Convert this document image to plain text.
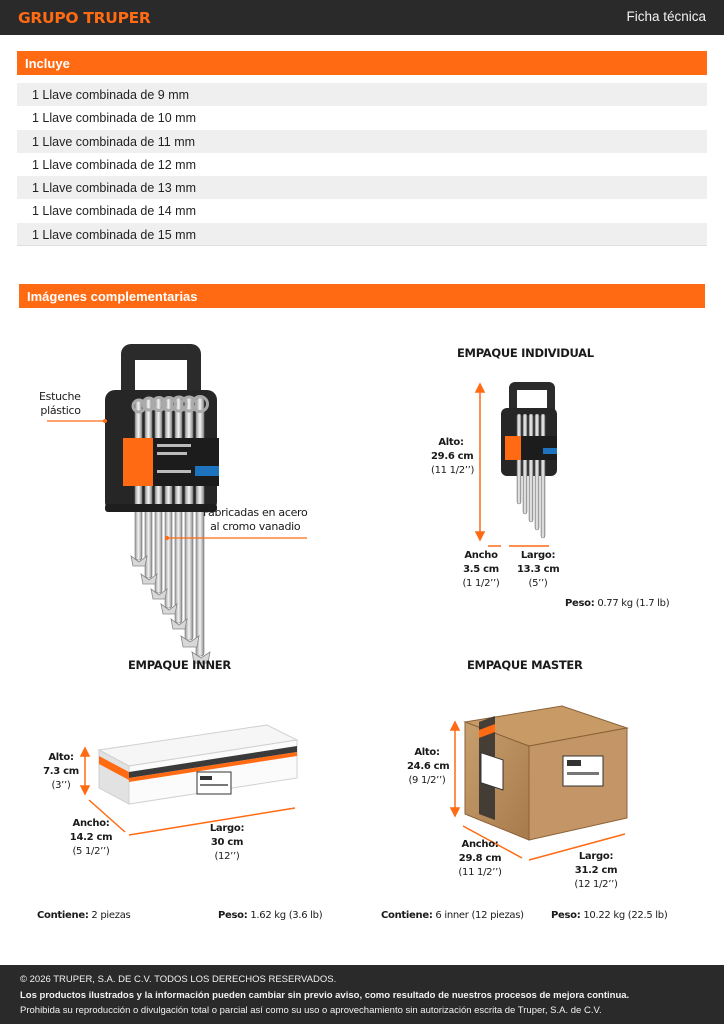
GRUPO TRUPER	Ficha técnica
Incluye
1 Llave combinada de 9 mm
1 Llave combinada de 10 mm
1 Llave combinada de 11 mm
1 Llave combinada de 12 mm
1 Llave combinada de 13 mm
1 Llave combinada de 14 mm
1 Llave combinada de 15 mm
Imágenes complementarias
Estuche
plástico
Fabricadas en acero
al cromo vanadio
EMPAQUE INDIVIDUAL
Alto:
29.6 cm
(11 1/2’’)
Ancho
3.5 cm
(1 1/2’’)
Largo:
13.3 cm
(5’’)
Peso: 0.77 kg (1.7 lb)
EMPAQUE INNER
Alto:
7.3 cm
(3’’)
Ancho:
14.2 cm
(5 1/2’’)
Largo:
30 cm
(12’’)
Contiene: 2 piezas	Peso: 1.62 kg (3.6 lb)
EMPAQUE MASTER
Alto:
24.6 cm
(9 1/2’’)
Ancho:
29.8 cm
(11 1/2’’)
Largo:
31.2 cm
(12 1/2’’)
Contiene: 6 inner (12 piezas)	Peso: 10.22 kg (22.5 lb)
© 2026 TRUPER, S.A. DE C.V. TODOS LOS DERECHOS RESERVADOS.
Los productos ilustrados y la información pueden cambiar sin previo aviso, como resultado de nuestros procesos de mejora continua.
Prohibida su reproducción o divulgación total o parcial así como su uso o aprovechamiento sin autorización escrita de Truper, S.A. de C.V.
